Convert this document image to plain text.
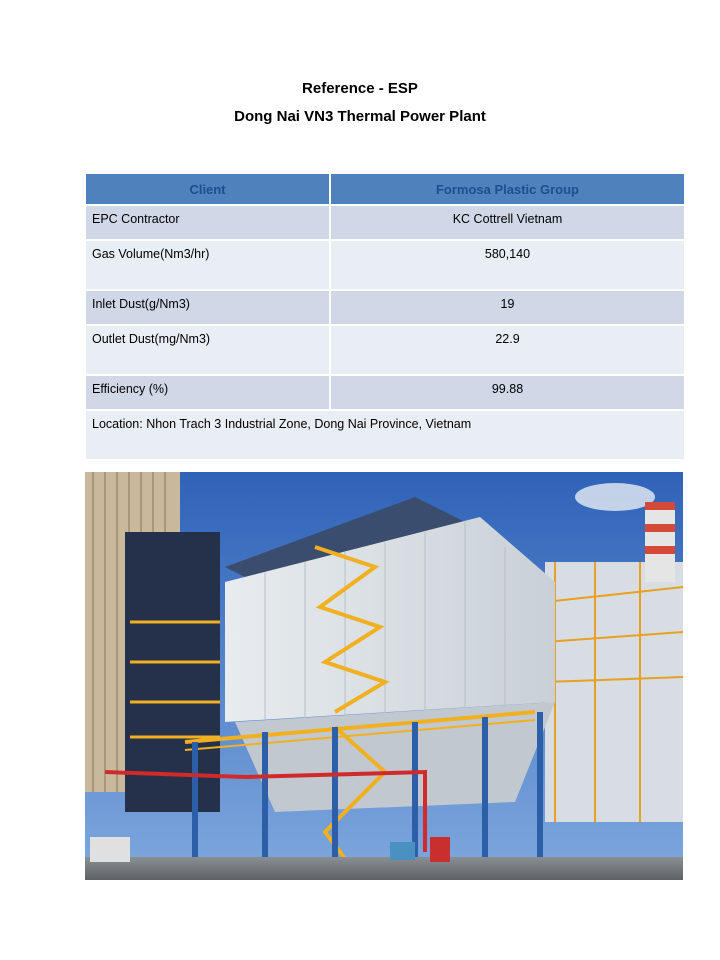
Reference - ESP
Dong Nai VN3 Thermal Power Plant
Client	Formosa Plastic Group
EPC Contractor	KC Cottrell Vietnam
Gas Volume(Nm3/hr)	580,140
Inlet Dust(g/Nm3)	19
Outlet Dust(mg/Nm3)	22.9
Efficiency (%)	99.88
Location: Nhon Trach 3 Industrial Zone, Dong Nai Province, Vietnam	
